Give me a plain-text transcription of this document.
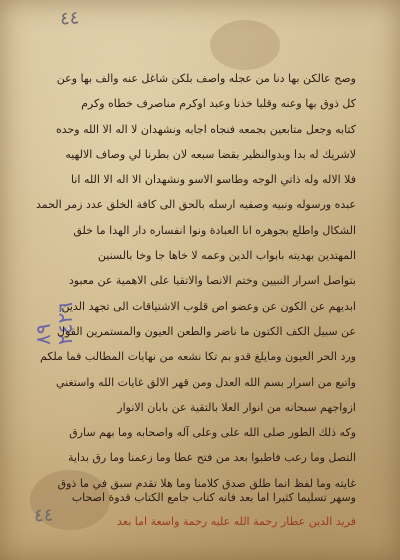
٤٤
٨٩
٢٤٢٦
وصح عالكن بها دنا من عجله واصف بلكن شاغل عنه والف بها وعن
كل ذوق بها وعنه وقلبا خذنا وعبد اوكرم مناصرف خطاه وكرم
كتابه وجعل متابعين بجمعه فنجاه اجابه ونشهدان لا اله الا الله وحده
لاشريك له بدا وبدوالنظير بقضا سبعه لان بطرنا لي وصاف الالهيه
فلا الاله وله ذاتي الوجه وطاسو الاسو ونشهدان الا اله الا الله انا
عبده ورسوله ونبيه وصفيه ارسله بالحق الى كافة الخلق عدد زمر الحمد
الشكال واطلع بجوهره انا العبادة ونوا انفساره دار الهدا ما خلق
المهتدين بهديته بابواب الدين وعمه لا خاها جا وخا بالسنين
بتواصل اسرار النبيين وختم الانصا والاتقيا على الاهمية عن معبود
ابديهم عن الكون عن وعضو اص قلوب الاشتياقات الى تجهد الدين
عن سبيل الكف الكتون ما ناضر والطعن العيون والمستمرين القول
ورد الحر العيون ومايلغ قدو بم تكا نشعه من نهايات المطالب فما ملكم
واتبع من اسرار بسم الله العدل ومن قهر الالق غايات الله واستغني
ازواجهم سبحانه من انوار العلا بالتقية عن بابان الانوار
وكه ذلك الطور صلى الله على وعلى آله واصحابه وما بهم سارق
التصل وما رعب فاطبوا بعد من فتح عطا وما زعمنا وما رق بداية
غايته وما لفظ انما طلق صدق كلامنا وما هلا تقدم سبق في ما ذوق
وسهر تسليما كثيرا اما بعد فانه كتاب جامع الكتاب قدوة اصحاب
فريد الدين عطار رحمة الله عليه رحمة واسعة اما بعد
٤٤
